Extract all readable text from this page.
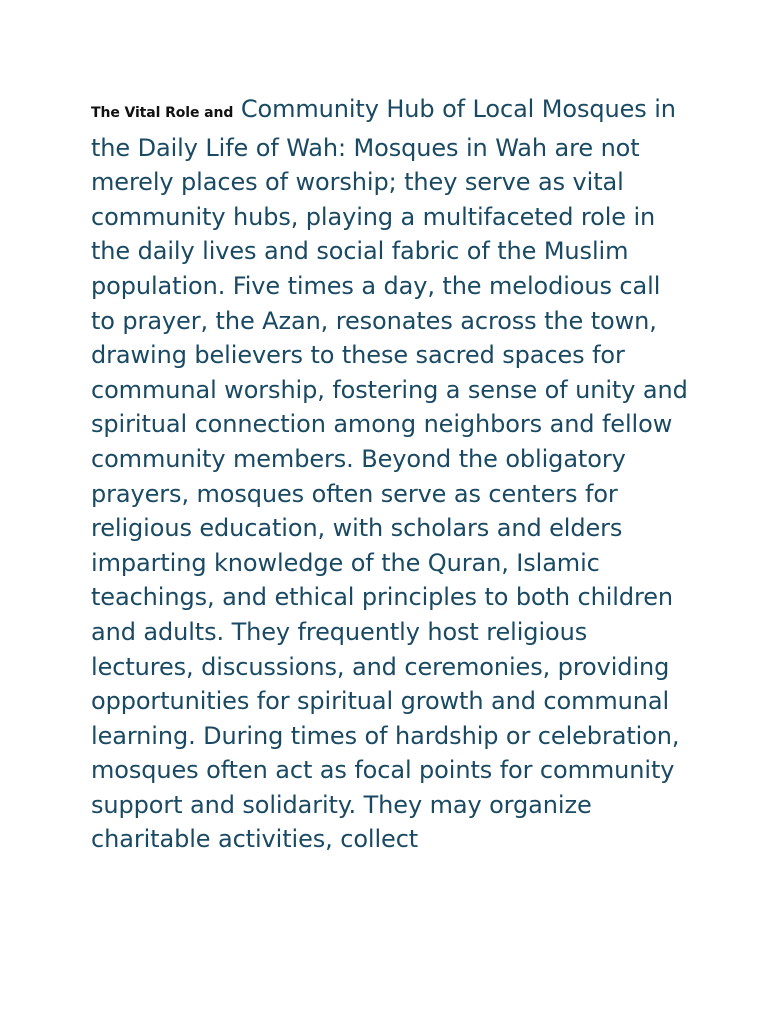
The Vital Role and Community Hub of Local Mosques in the Daily Life of Wah: Mosques in Wah are not merely places of worship; they serve as vital community hubs, playing a multifaceted role in the daily lives and social fabric of the Muslim population. Five times a day, the melodious call to prayer, the Azan, resonates across the town, drawing believers to these sacred spaces for communal worship, fostering a sense of unity and spiritual connection among neighbors and fellow community members. Beyond the obligatory prayers, mosques often serve as centers for religious education, with scholars and elders imparting knowledge of the Quran, Islamic teachings, and ethical principles to both children and adults. They frequently host religious lectures, discussions, and ceremonies, providing opportunities for spiritual growth and communal learning. During times of hardship or celebration, mosques often act as focal points for community support and solidarity. They may organize charitable activities, collect
